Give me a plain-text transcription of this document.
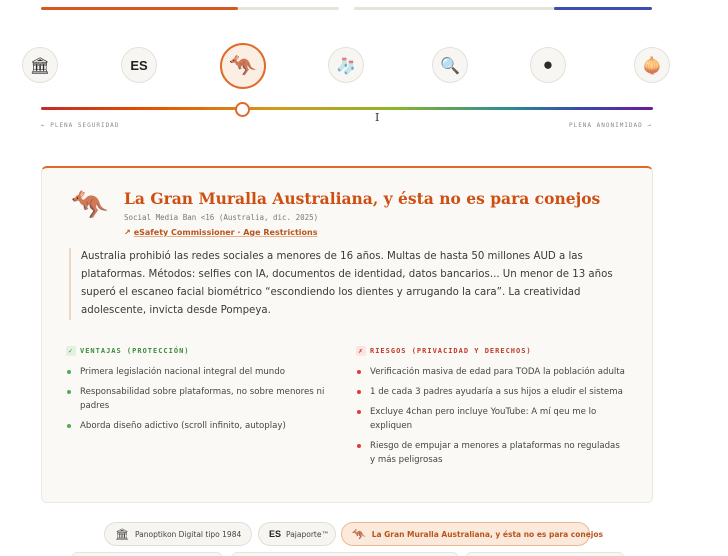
🏛	ES	🦘	🧦	🔍	⚫	🧅
← PLENA SEGURIDAD	PLENA ANONIMIDAD →
I
🦘 La Gran Muralla Australiana, y ésta no es para conejos
Social Media Ban <16 (Australia, dic. 2025)
↗ eSafety Commissioner · Age Restrictions

Australia prohibió las redes sociales a menores de 16 años. Multas de hasta 50 millones AUD a las plataformas. Métodos: selfies con IA, documentos de identidad, datos bancarios... Un menor de 13 años superó el escaneo facial biométrico “escondiendo los dientes y arrugando la cara”. La creatividad adolescente, invicta desde Pompeya.

✓ VENTAJAS (PROTECCIÓN)
Primera legislación nacional integral del mundo
Responsabilidad sobre plataformas, no sobre menores ni padres
Aborda diseño adictivo (scroll infinito, autoplay)
✗ RIESGOS (PRIVACIDAD Y DERECHOS)
Verificación masiva de edad para TODA la población adulta
1 de cada 3 padres ayudaría a sus hijos a eludir el sistema
Excluye 4chan pero incluye YouTube: A mí qeu me lo expliquen
Riesgo de empujar a menores a plataformas no reguladas y más peligrosas
🏛 Panoptikon Digital tipo 1984	ES Pajaporte™ 🦘 La Gran Muralla Australiana, y ésta no es para conejos
